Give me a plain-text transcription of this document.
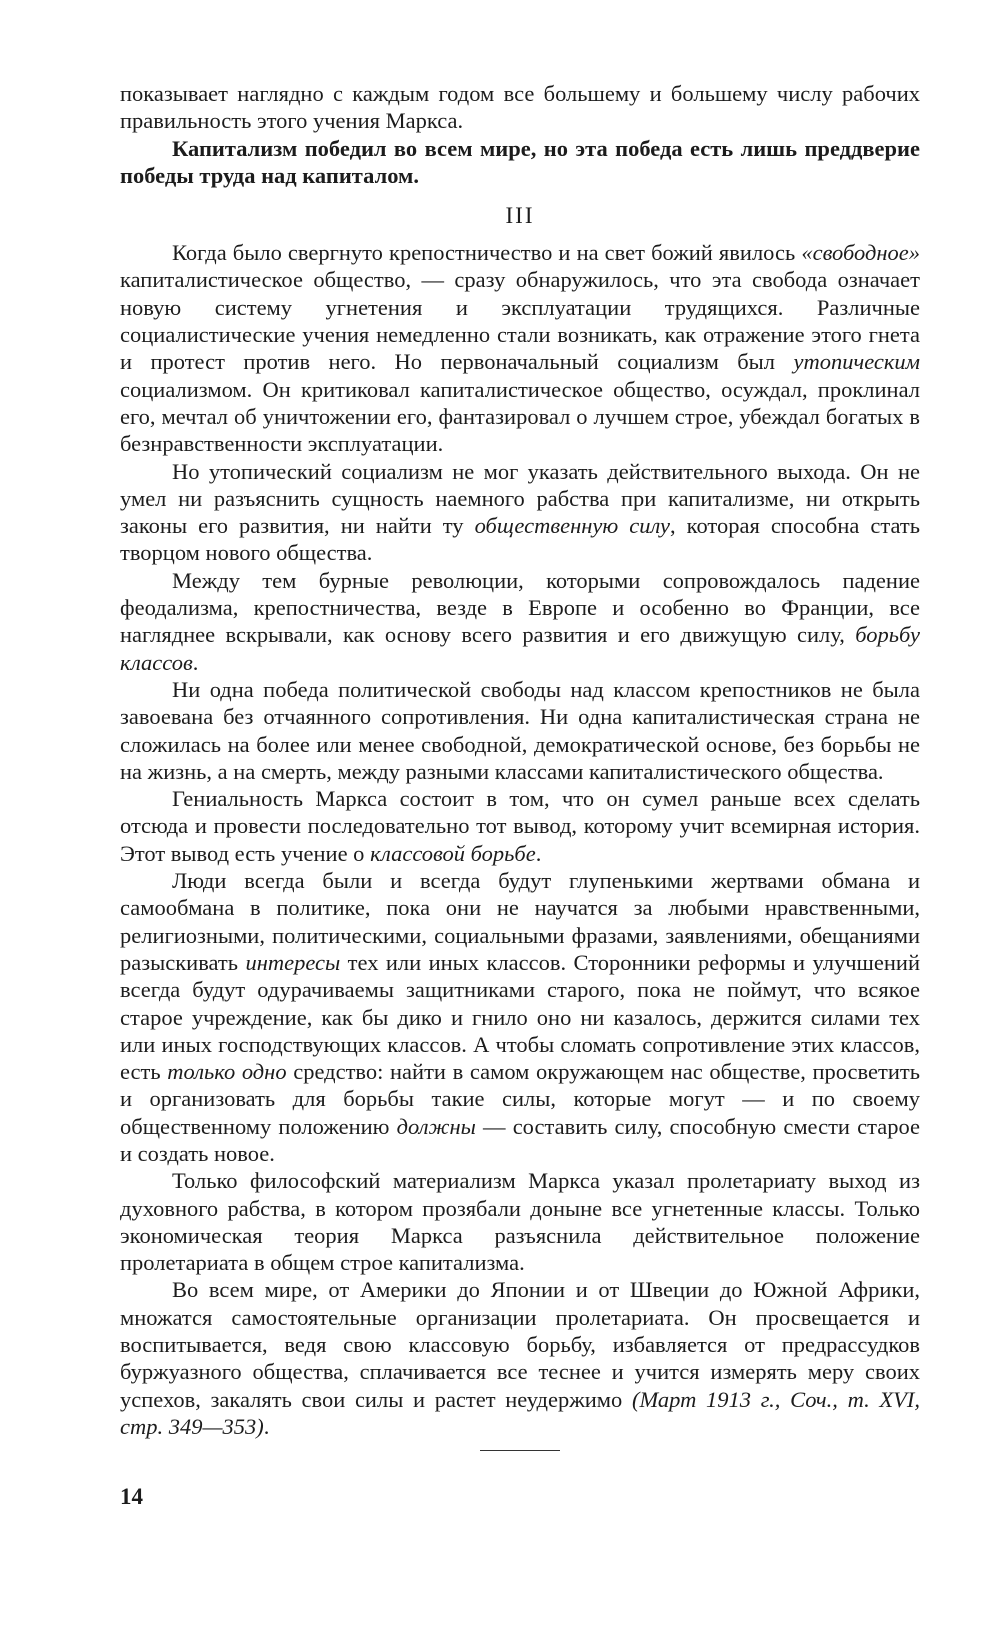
показывает наглядно с каждым годом все большему и большему числу рабочих правильность этого учения Маркса.

Капитализм победил во всем мире, но эта победа есть лишь преддверие победы труда над капиталом.

III

Когда было свергнуто крепостничество и на свет божий явилось «свободное» капиталистическое общество, — сразу обнаружилось, что эта свобода означает новую систему угнетения и эксплуатации трудящихся. Различные социалистические учения немедленно стали возникать, как отражение этого гнета и протест против него. Но первоначальный социализм был утопическим социализмом. Он критиковал капиталистическое общество, осуждал, проклинал его, мечтал об уничтожении его, фантазировал о лучшем строе, убеждал богатых в безнравственности эксплуатации.

Но утопический социализм не мог указать действительного выхода. Он не умел ни разъяснить сущность наемного рабства при капитализме, ни открыть законы его развития, ни найти ту общественную силу, которая способна стать творцом нового общества.

Между тем бурные революции, которыми сопровождалось падение феодализма, крепостничества, везде в Европе и особенно во Франции, все нагляднее вскрывали, как основу всего развития и его движущую силу, борьбу классов.

Ни одна победа политической свободы над классом крепостников не была завоевана без отчаянного сопротивления. Ни одна капиталистическая страна не сложилась на более или менее свободной, демократической основе, без борьбы не на жизнь, а на смерть, между разными классами капиталистического общества.

Гениальность Маркса состоит в том, что он сумел раньше всех сделать отсюда и провести последовательно тот вывод, которому учит всемирная история. Этот вывод есть учение о классовой борьбе.

Люди всегда были и всегда будут глупенькими жертвами обмана и самообмана в политике, пока они не научатся за любыми нравственными, религиозными, политическими, социальными фразами, заявлениями, обещаниями разыскивать интересы тех или иных классов. Сторонники реформы и улучшений всегда будут одурачиваемы защитниками старого, пока не поймут, что всякое старое учреждение, как бы дико и гнило оно ни казалось, держится силами тех или иных господствующих классов. А чтобы сломать сопротивление этих классов, есть только одно средство: найти в самом окружающем нас обществе, просветить и организовать для борьбы такие силы, которые могут — и по своему общественному положению должны — составить силу, способную смести старое и создать новое.

Только философский материализм Маркса указал пролетариату выход из духовного рабства, в котором прозябали доныне все угнетенные классы. Только экономическая теория Маркса разъяснила действительное положение пролетариата в общем строе капитализма.

Во всем мире, от Америки до Японии и от Швеции до Южной Африки, множатся самостоятельные организации пролетариата. Он просвещается и воспитывается, ведя свою классовую борьбу, избавляется от предрассудков буржуазного общества, сплачивается все теснее и учится измерять меру своих успехов, закалять свои силы и растет неудержимо (Март 1913 г., Соч., т. XVI, стр. 349—353).

14
